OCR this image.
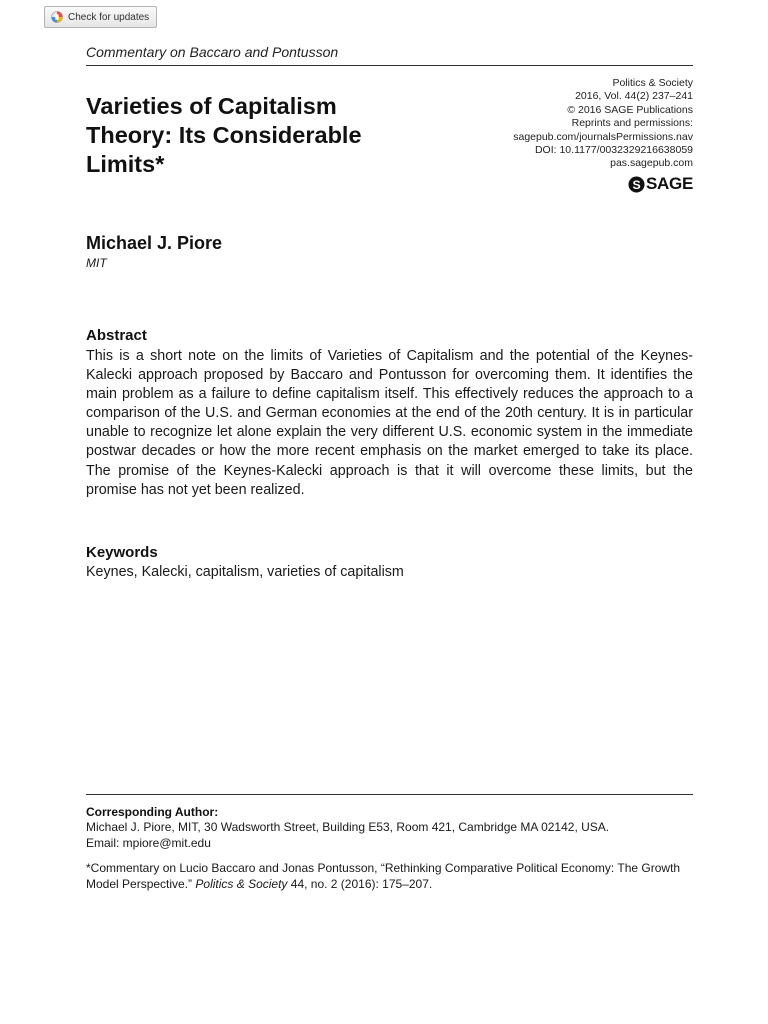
Check for updates
Commentary on Baccaro and Pontusson
Varieties of Capitalism
Theory: Its Considerable
Limits*
Politics & Society
2016, Vol. 44(2) 237–241
© 2016 SAGE Publications
Reprints and permissions:
sagepub.com/journalsPermissions.nav
DOI: 10.1177/0032329216638059
pas.sagepub.com
S SAGE
Michael J. Piore
MIT
Abstract

This is a short note on the limits of Varieties of Capitalism and the potential of the Keynes-Kalecki approach proposed by Baccaro and Pontusson for overcoming them. It identifies the main problem as a failure to define capitalism itself. This effectively reduces the approach to a comparison of the U.S. and German economies at the end of the 20th century. It is in particular unable to recognize let alone explain the very different U.S. economic system in the immediate postwar decades or how the more recent emphasis on the market emerged to take its place. The promise of the Keynes-Kalecki approach is that it will overcome these limits, but the promise has not yet been realized.

Keywords
Keynes, Kalecki, capitalism, varieties of capitalism
Corresponding Author:
Michael J. Piore, MIT, 30 Wadsworth Street, Building E53, Room 421, Cambridge MA 02142, USA.
Email: mpiore@mit.edu
*Commentary on Lucio Baccaro and Jonas Pontusson, “Rethinking Comparative Political Economy: The Growth Model Perspective.” Politics & Society 44, no. 2 (2016): 175–207.
